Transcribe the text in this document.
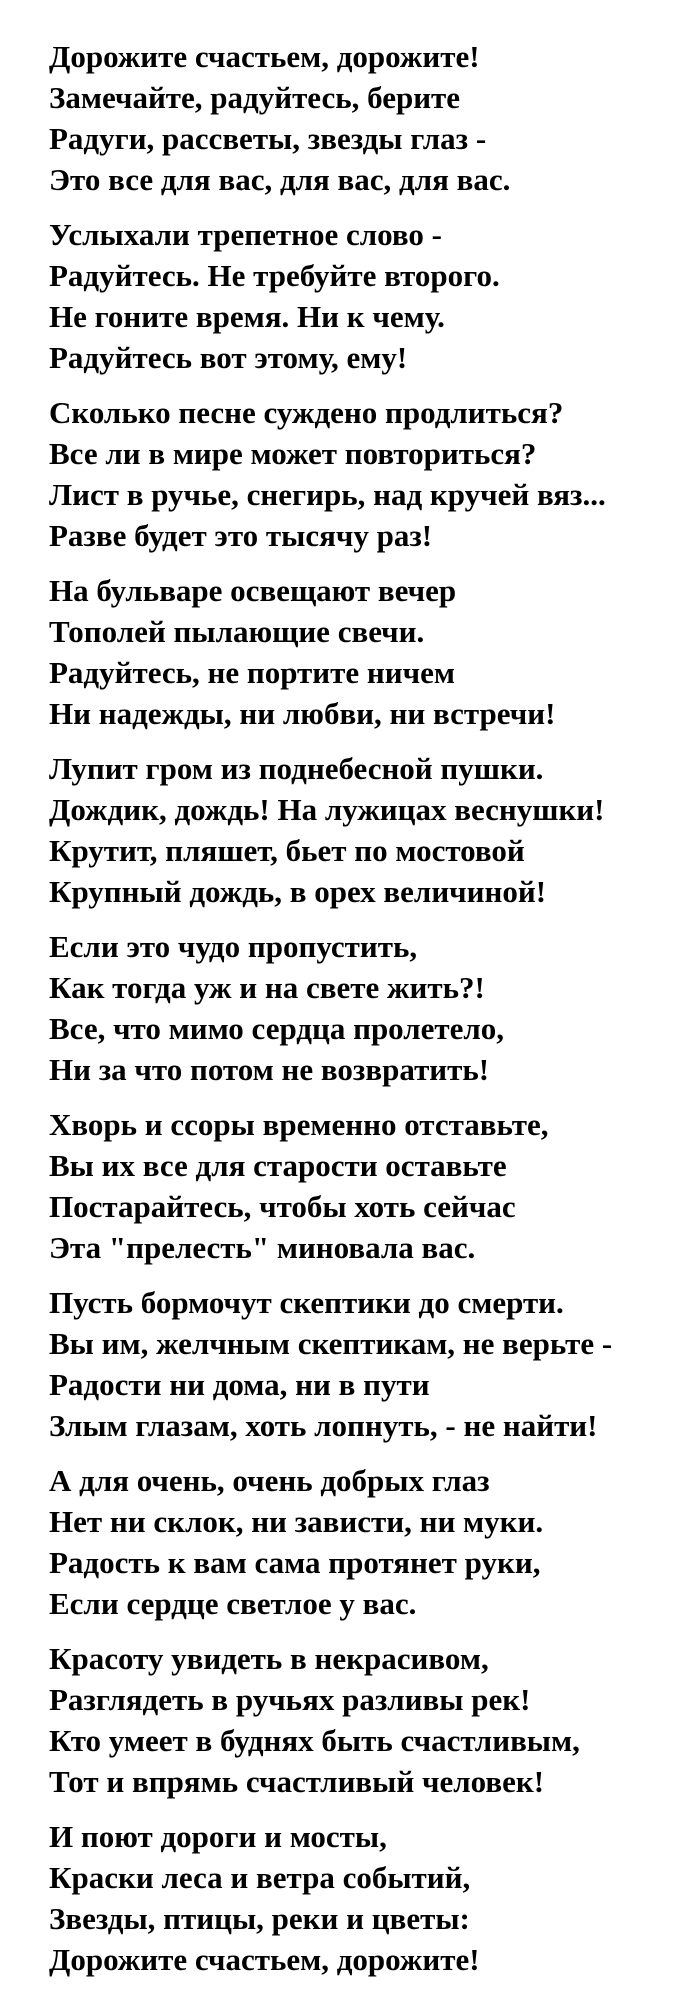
Дорожите счастьем, дорожите!
Замечайте, радуйтесь, берите
Радуги, рассветы, звезды глаз -
Это все для вас, для вас, для вас.
Услыхали трепетное слово -
Радуйтесь. Не требуйте второго.
Не гоните время. Ни к чему.
Радуйтесь вот этому, ему!
Сколько песне суждено продлиться?
Все ли в мире может повториться?
Лист в ручье, снегирь, над кручей вяз...
Разве будет это тысячу раз!
На бульваре освещают вечер
Тополей пылающие свечи.
Радуйтесь, не портите ничем
Ни надежды, ни любви, ни встречи!
Лупит гром из поднебесной пушки.
Дождик, дождь! На лужицах веснушки!
Крутит, пляшет, бьет по мостовой
Крупный дождь, в орех величиной!
Если это чудо пропустить,
Как тогда уж и на свете жить?!
Все, что мимо сердца пролетело,
Ни за что потом не возвратить!
Хворь и ссоры временно отставьте,
Вы их все для старости оставьте
Постарайтесь, чтобы хоть сейчас
Эта "прелесть" миновала вас.
Пусть бормочут скептики до смерти.
Вы им, желчным скептикам, не верьте -
Радости ни дома, ни в пути
Злым глазам, хоть лопнуть, - не найти!
А для очень, очень добрых глаз
Нет ни склок, ни зависти, ни муки.
Радость к вам сама протянет руки,
Если сердце светлое у вас.
Красоту увидеть в некрасивом,
Разглядеть в ручьях разливы рек!
Кто умеет в буднях быть счастливым,
Тот и впрямь счастливый человек!
И поют дороги и мосты,
Краски леса и ветра событий,
Звезды, птицы, реки и цветы:
Дорожите счастьем, дорожите!
